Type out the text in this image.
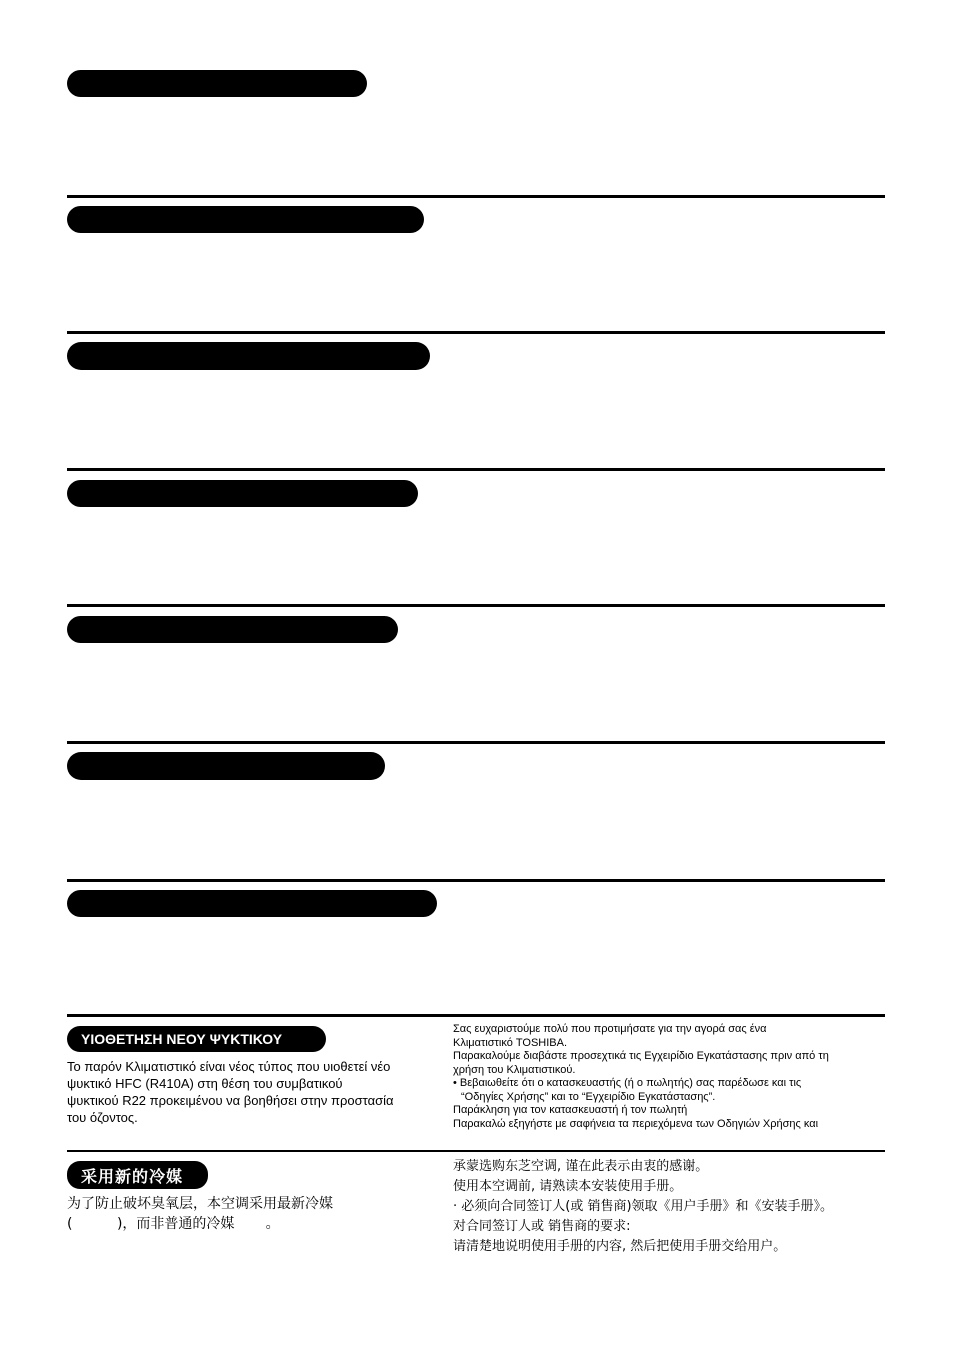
ΥΙΟΘΕΤΗΣΗ ΝΕΟΥ ΨΥΚΤΙΚΟΥ
Το παρόν Κλιματιστικό είναι νέος τύπος που υιοθετεί νέο
ψυκτικό HFC (R410A) στη θέση του συμβατικού
ψυκτικού R22 προκειμένου να βοηθήσει στην προστασία
του όζοντος.
Σας ευχαριστούμε πολύ που προτιμήσατε για την αγορά σας ένα
Κλιματιστικό TOSHIBA.
Παρακαλούμε διαβάστε προσεχτικά τις Εγχειρίδιο Εγκατάστασης πριν από τη
χρήση του Κλιματιστικού.
• Βεβαιωθείτε ότι ο κατασκευαστής (ή ο πωλητής) σας παρέδωσε και τις
“Οδηγίες Χρήσης” και το “Εγχειρίδιο Εγκατάστασης”.
Παράκληση για τον κατασκευαστή ή τον πωλητή
Παρακαλώ εξηγήστε με σαφήνεια τα περιεχόμενα των Οδηγιών Χρήσης και
采用新的冷媒
为了防止破坏臭氧层，本空调采用最新冷媒
(          )，而非普通的冷媒       。
承蒙选购东芝空调, 谨在此表示由衷的感谢。
使用本空调前, 请熟读本安装使用手册。
· 必须向合同签订人(或 销售商)领取《用户手册》和《安装手册》。
对合同签订人或 销售商的要求:
请清楚地说明使用手册的内容, 然后把使用手册交给用户。
